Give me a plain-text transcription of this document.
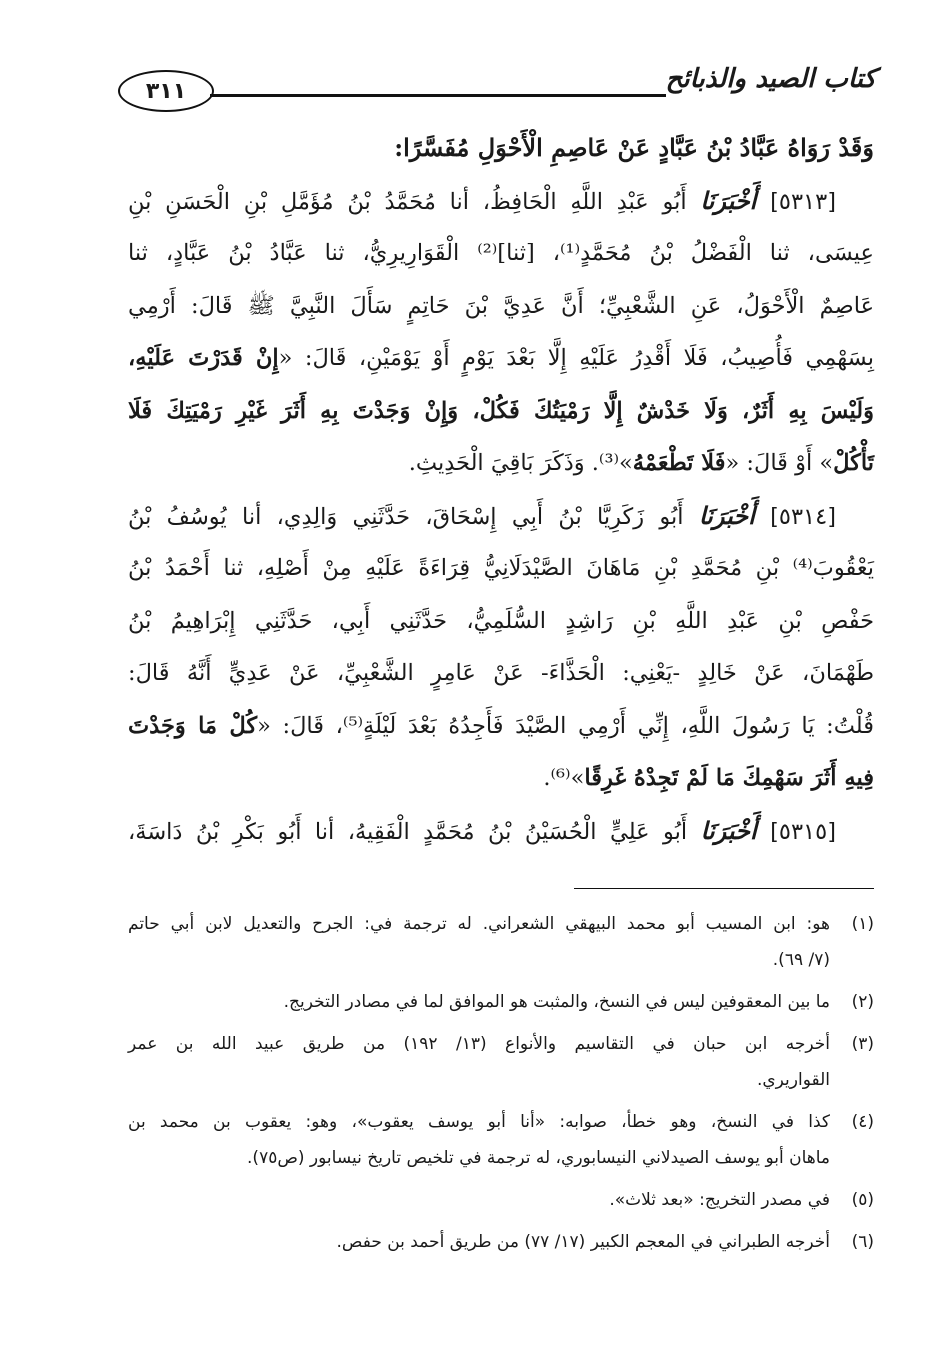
كتاب الصيد والذبائح
٣١١
وَقَدْ رَوَاهُ عَبَّادُ بْنُ عَبَّادٍ عَنْ عَاصِمِ الْأَحْوَلِ مُفَسَّرًا:
[٥٣١٣] أَخْبَرَنَا أَبُو عَبْدِ اللَّهِ الْحَافِظُ، أنا مُحَمَّدُ بْنُ مُؤَمَّلِ بْنِ الْحَسَنِ بْنِ
عِيسَى، ثنا الْفَضْلُ بْنُ مُحَمَّدٍ⁽¹⁾، [ثنا]⁽²⁾ الْقَوَارِيرِيُّ، ثنا عَبَّادُ بْنُ عَبَّادٍ، ثنا
عَاصِمٌ الْأَحْوَلُ، عَنِ الشَّعْبِيِّ؛ أَنَّ عَدِيَّ بْنَ حَاتِمٍ سَأَلَ النَّبِيَّ ﷺ قَالَ: أَرْمِي
بِسَهْمِي فَأُصِيبُ، فَلَا أَقْدِرُ عَلَيْهِ إِلَّا بَعْدَ يَوْمٍ أَوْ يَوْمَيْنِ، قَالَ: «إِنْ قَدَرْتَ عَلَيْهِ،
وَلَيْسَ بِهِ أَثَرٌ، وَلَا خَدْشٌ إِلَّا رَمْيَتُكَ فَكُلْ، وَإِنْ وَجَدْتَ بِهِ أَثَرَ غَيْرِ رَمْيَتِكَ فَلَا
تَأْكُلْ» أَوْ قَالَ: «فَلَا تَطْعَمْهُ»⁽³⁾. وَذَكَرَ بَاقِيَ الْحَدِيثِ.
[٥٣١٤] أَخْبَرَنَا أَبُو زَكَرِيَّا بْنُ أَبِي إِسْحَاقَ، حَدَّثَنِي وَالِدِي، أنا يُوسُفُ بْنُ
يَعْقُوبَ⁽⁴⁾ بْنِ مُحَمَّدِ بْنِ مَاهَانَ الصَّيْدَلَانِيُّ قِرَاءَةً عَلَيْهِ مِنْ أَصْلِهِ، ثنا أَحْمَدُ بْنُ
حَفْصِ بْنِ عَبْدِ اللَّهِ بْنِ رَاشِدٍ السُّلَمِيُّ، حَدَّثَنِي أَبِي، حَدَّثَنِي إِبْرَاهِيمُ بْنُ
طَهْمَانَ، عَنْ خَالِدٍ -يَعْنِي: الْحَذَّاءَ- عَنْ عَامِرٍ الشَّعْبِيِّ، عَنْ عَدِيٍّ أَنَّهُ قَالَ:
قُلْتُ: يَا رَسُولَ اللَّهِ، إِنِّي أَرْمِي الصَّيْدَ فَأَجِدُهُ بَعْدَ لَيْلَةٍ⁽⁵⁾، قَالَ: «كُلْ مَا وَجَدْتَ
فِيهِ أَثَرَ سَهْمِكَ مَا لَمْ تَجِدْهُ غَرِقًا»⁽⁶⁾.
[٥٣١٥] أَخْبَرَنَا أَبُو عَلِيٍّ الْحُسَيْنُ بْنُ مُحَمَّدٍ الْفَقِيهُ، أنا أَبُو بَكْرِ بْنُ دَاسَةَ،
(١)
هو: ابن المسيب أبو محمد البيهقي الشعراني. له ترجمة في: الجرح والتعديل لابن أبي حاتم
(٧/ ٦٩).
(٢)
ما بين المعقوفين ليس في النسخ، والمثبت هو الموافق لما في مصادر التخريج.
(٣)
أخرجه ابن حبان في التقاسيم والأنواع (١٣/ ١٩٢) من طريق عبيد الله بن عمر
القواريري.
(٤)
كذا في النسخ، وهو خطأ، صوابه: «أنا أبو يوسف يعقوب»، وهو: يعقوب بن محمد بن
ماهان أبو يوسف الصيدلاني النيسابوري، له ترجمة في تلخيص تاريخ نيسابور (ص٧٥).
(٥)
في مصدر التخريج: «بعد ثلاث».
(٦)
أخرجه الطبراني في المعجم الكبير (١٧/ ٧٧) من طريق أحمد بن حفص.
